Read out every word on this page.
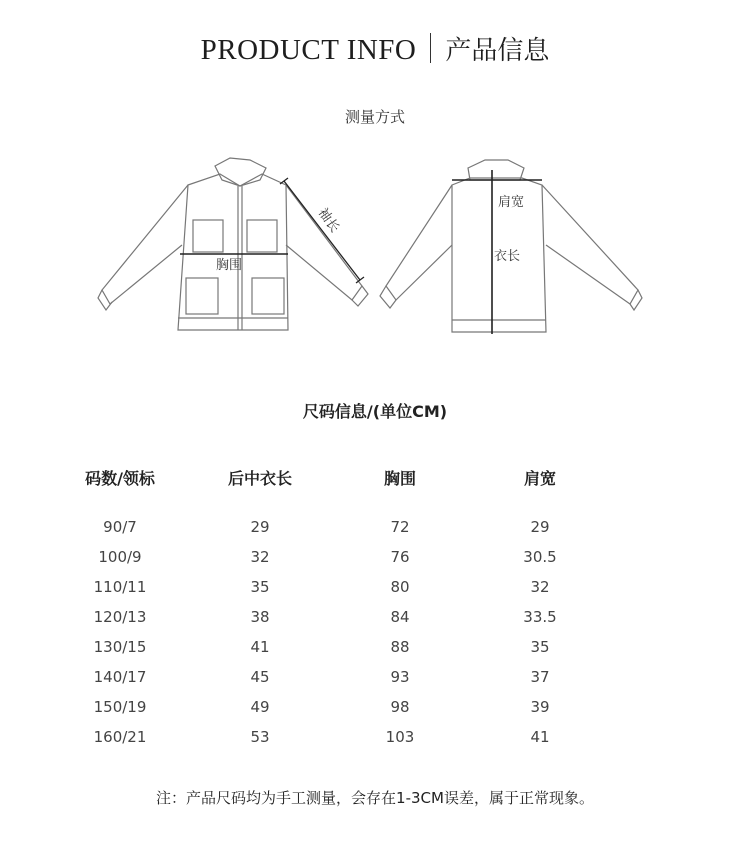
PRODUCT INFO 产品信息
测量方式
胸围
袖长
肩宽
衣长
尺码信息/(单位CM)
码数/领标	后中衣长	胸围	肩宽
90/7	29	72	29
100/9	32	76	30.5
110/11	35	80	32
120/13	38	84	33.5
130/15	41	88	35
140/17	45	93	37
150/19	49	98	39
160/21	53	103	41
注：产品尺码均为手工测量，会存在1-3CM误差，属于正常现象。
